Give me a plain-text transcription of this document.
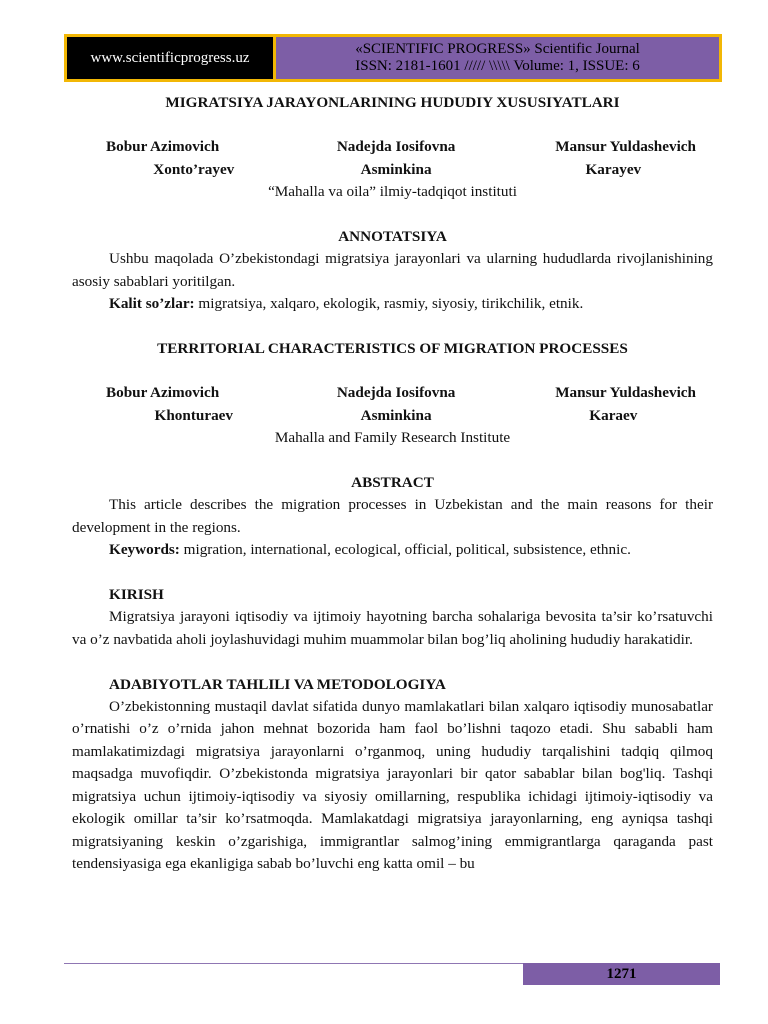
www.scientificprogress.uz
«SCIENTIFIC PROGRESS» Scientific Journal
ISSN: 2181-1601 ///// \\\\\ Volume: 1, ISSUE: 6

MIGRATSIYA JARAYONLARINING HUDUDIY XUSUSIYATLARI

Bobur Azimovich
Xonto’rayev
Nadejda Iosifovna
Asminkina
Mansur Yuldashevich
Karayev
“Mahalla va oila” ilmiy-tadqiqot instituti
ANNOTATSIYA

Ushbu maqolada O’zbekistondagi migratsiya jarayonlari va ularning hududlarda rivojlanishining asosiy sabablari yoritilgan.

Kalit so’zlar: migratsiya, xalqaro, ekologik, rasmiy, siyosiy, tirikchilik, etnik.

TERRITORIAL CHARACTERISTICS OF MIGRATION PROCESSES

Bobur Azimovich
Khonturaev
Nadejda Iosifovna
Asminkina
Mansur Yuldashevich
Karaev
Mahalla and Family Research Institute
ABSTRACT

This article describes the migration processes in Uzbekistan and the main reasons for their development in the regions.

Keywords: migration, international, ecological, official, political, subsistence, ethnic.

KIRISH

Migratsiya jarayoni iqtisodiy va ijtimoiy hayotning barcha sohalariga bevosita ta’sir ko’rsatuvchi va o’z navbatida aholi joylashuvidagi muhim muammolar bilan bog’liq aholining hududiy harakatidir.

ADABIYOTLAR TAHLILI VA METODOLOGIYA

O’zbekistonning mustaqil davlat sifatida dunyo mamlakatlari bilan xalqaro iqtisodiy munosabatlar o’rnatishi o’z o’rnida jahon mehnat bozorida ham faol bo’lishni taqozo etadi. Shu sababli ham mamlakatimizdagi migratsiya jarayonlarni o’rganmoq, uning hududiy tarqalishini tadqiq qilmoq maqsadga muvofiqdir. O’zbekistonda migratsiya jarayonlari bir qator sabablar bilan bog'liq. Tashqi migratsiya uchun ijtimoiy-iqtisodiy va siyosiy omillarning, respublika ichidagi ijtimoiy-iqtisodiy va ekologik omillar ta’sir ko’rsatmoqda. Mamlakatdagi migratsiya jarayonlarning, eng ayniqsa tashqi migratsiyaning keskin o’zgarishiga, immigrantlar salmog’ining emmigrantlarga qaraganda past tendensiyasiga ega ekanligiga sabab bo’luvchi eng katta omil – bu

1271
